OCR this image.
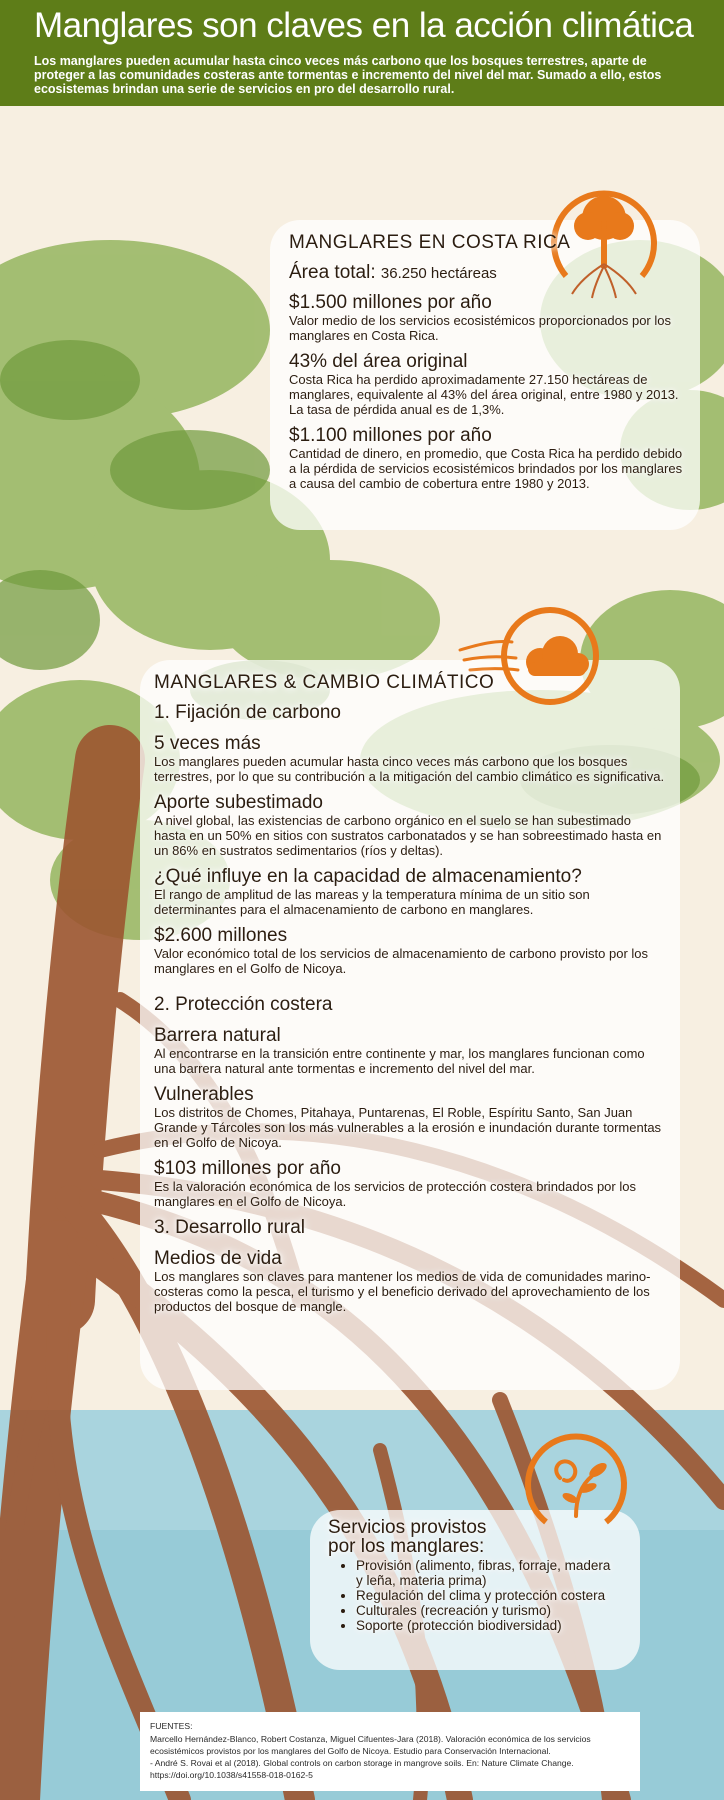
Manglares son claves en la acción climática

Los manglares pueden acumular hasta cinco veces más carbono que los bosques terrestres, aparte de proteger a las comunidades costeras ante tormentas e incremento del nivel del mar. Sumado a ello, estos ecosistemas brindan una serie de servicios en pro del desarrollo rural.

MANGLARES EN COSTA RICA
Área total: 36.250 hectáreas

$1.500 millones por año

Valor medio de los servicios ecosistémicos proporcionados por los manglares en Costa Rica.

43% del área original

Costa Rica ha perdido aproximadamente 27.150 hectáreas de manglares, equivalente al 43% del área original, entre 1980 y 2013. La tasa de pérdida anual es de 1,3%.

$1.100 millones por año

Cantidad de dinero, en promedio, que Costa Rica ha perdido debido a la pérdida de servicios ecosistémicos brindados por los manglares a causa del cambio de cobertura entre 1980 y 2013.

MANGLARES & CAMBIO CLIMÁTICO
1. Fijación de carbono

5 veces más

Los manglares pueden acumular hasta cinco veces más carbono que los bosques terrestres, por lo que su contribución a la mitigación del cambio climático es significativa.

Aporte subestimado

A nivel global, las existencias de carbono orgánico en el suelo se han subestimado hasta en un 50% en sitios con sustratos carbonatados y se han sobreestimado hasta en un 86% en sustratos sedimentarios (ríos y deltas).

¿Qué influye en la capacidad de almacenamiento?

El rango de amplitud de las mareas y la temperatura mínima de un sitio son determinantes para el almacenamiento de carbono en manglares.

$2.600 millones

Valor económico total de los servicios de almacenamiento de carbono provisto por los manglares en el Golfo de Nicoya.

2. Protección costera

Barrera natural

Al encontrarse en la transición entre continente y mar, los manglares funcionan como una barrera natural ante tormentas e incremento del nivel del mar.

Vulnerables

Los distritos de Chomes, Pitahaya, Puntarenas, El Roble, Espíritu Santo, San Juan Grande y Tárcoles son los más vulnerables a la erosión e inundación durante tormentas en el Golfo de Nicoya.

$103 millones por año

Es la valoración económica de los servicios de protección costera brindados por los manglares en el Golfo de Nicoya.

3. Desarrollo rural

Medios de vida

Los manglares son claves para mantener los medios de vida de comunidades marino-costeras como la pesca, el turismo y el beneficio derivado del aprovechamiento de los productos del bosque de mangle.

Servicios provistos por los manglares:
• Provisión (alimento, fibras, forraje, madera y leña, materia prima)
• Regulación del clima y protección costera
• Culturales (recreación y turismo)
• Soporte (protección biodiversidad)
FUENTES:
Marcello Hernández-Blanco, Robert Costanza, Miguel Cifuentes-Jara (2018). Valoración económica de los servicios ecosistémicos provistos por los manglares del Golfo de Nicoya. Estudio para Conservación Internacional.
- André S. Rovai et al (2018). Global controls on carbon storage in mangrove soils. En: Nature Climate Change. https://doi.org/10.1038/s41558-018-0162-5
